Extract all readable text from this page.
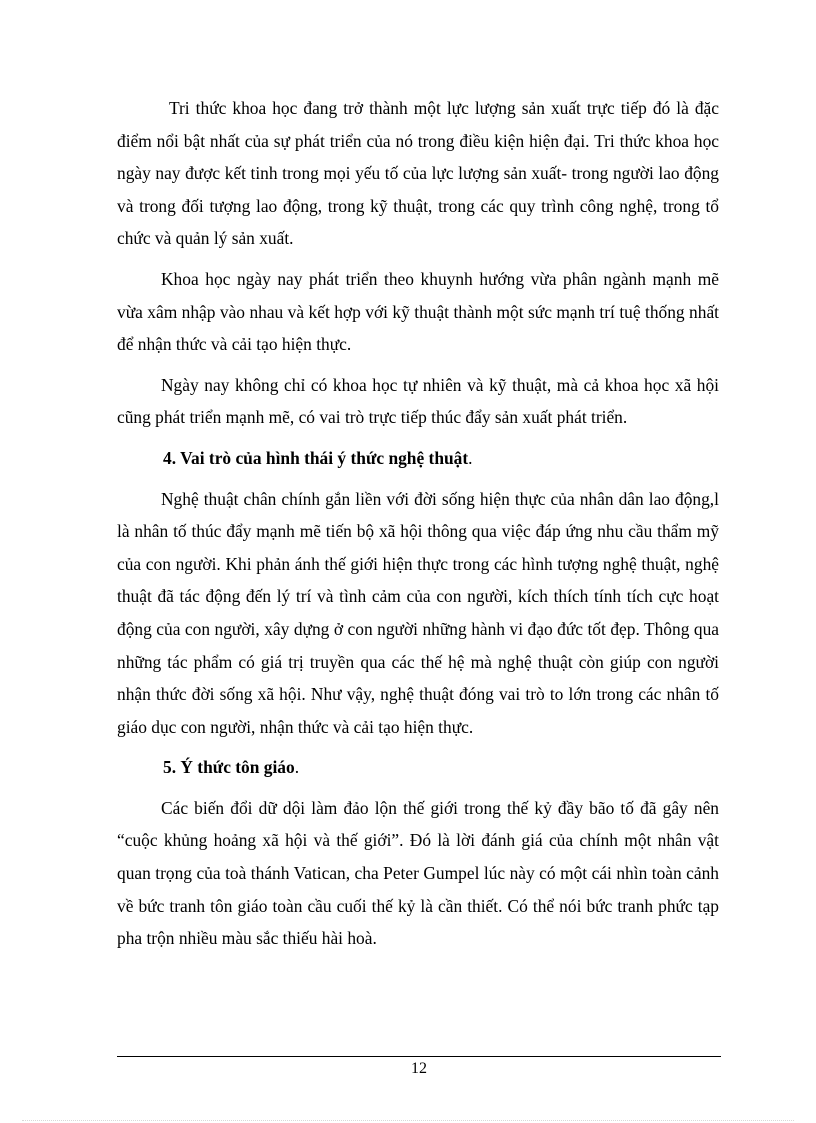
Tri thức khoa học đang trở thành một lực lượng sản xuất trực tiếp đó là đặc điểm nổi bật nhất của sự phát triển của nó trong điều kiện hiện đại. Tri thức khoa học ngày nay được kết tinh trong mọi yếu tố của lực lượng sản xuất- trong người lao động và trong đối tượng lao động, trong kỹ thuật, trong các quy trình công nghệ, trong tổ chức và quản lý sản xuất.

Khoa học ngày nay phát triển theo khuynh hướng vừa phân ngành mạnh mẽ vừa xâm nhập vào nhau và kết hợp với kỹ thuật thành một sức mạnh trí tuệ thống nhất để nhận thức và cải tạo hiện thực.

Ngày nay không chỉ có khoa học tự nhiên và kỹ thuật, mà cả khoa học xã hội cũng phát triển mạnh mẽ, có vai trò trực tiếp thúc đẩy sản xuất phát triển.

4. Vai trò của hình thái ý thức nghệ thuật.

Nghệ thuật chân chính gắn liền với đời sống hiện thực của nhân dân lao động,l là nhân tố thúc đẩy mạnh mẽ tiến bộ xã hội thông qua việc đáp ứng nhu cầu thẩm mỹ của con người. Khi phản ánh thế giới hiện thực trong các hình tượng nghệ thuật, nghệ thuật đã tác động đến lý trí và tình cảm của con người, kích thích tính tích cực hoạt động của con người, xây dựng ở con người những hành vi đạo đức tốt đẹp. Thông qua những tác phẩm có giá trị truyền qua các thế hệ mà nghệ thuật còn giúp con người nhận thức đời sống xã hội. Như vậy, nghệ thuật đóng vai trò to lớn trong các nhân tố giáo dục con người, nhận thức và cải tạo hiện thực.

5. Ý thức tôn giáo.

Các biến đổi dữ dội làm đảo lộn thế giới trong thế kỷ đầy bão tố đã gây nên “cuộc khủng hoảng xã hội và thế giới”. Đó là lời đánh giá của chính một nhân vật quan trọng của toà thánh Vatican, cha Peter Gumpel lúc này có một cái nhìn toàn cảnh về bức tranh tôn giáo toàn cầu cuối thế kỷ là cần thiết. Có thể nói bức tranh phức tạp pha trộn nhiều màu sắc thiếu hài hoà.

12
